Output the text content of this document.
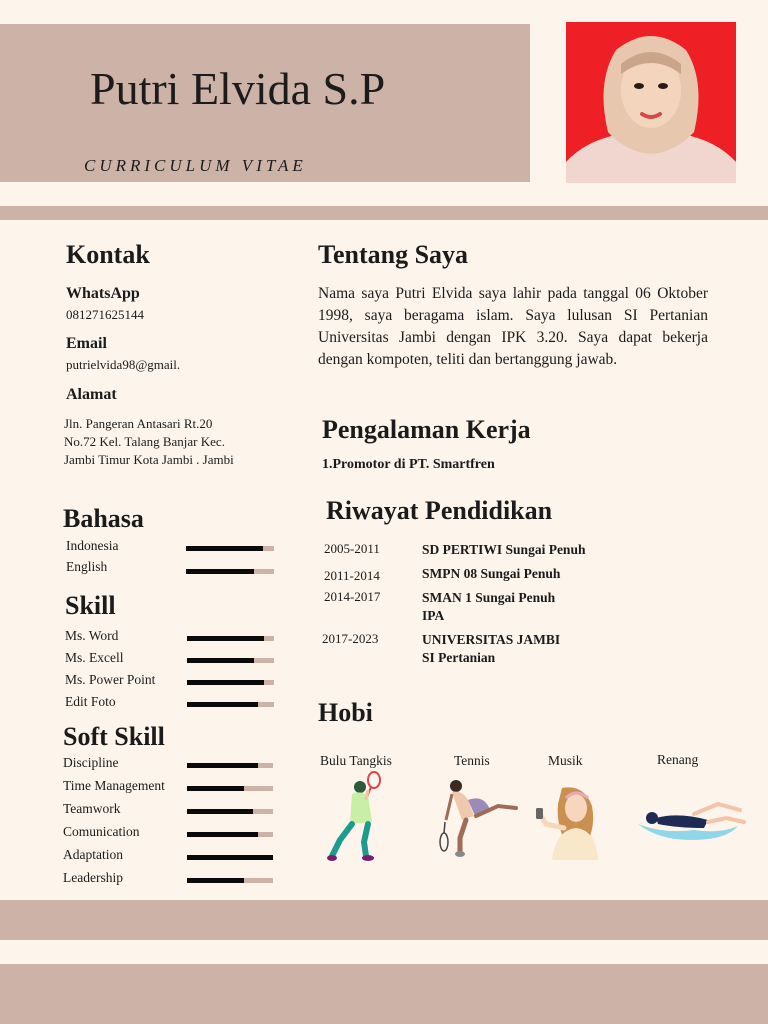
Putri Elvida S.P
CURRICULUM VITAE
Kontak
WhatsApp
081271625144
Email
putrielvida98@gmail.
Alamat
Jln. Pangeran Antasari Rt.20
No.72 Kel. Talang Banjar Kec.
Jambi Timur Kota Jambi . Jambi
Bahasa
Indonesia
English
Skill
Ms. Word
Ms. Excell
Ms. Power Point
Edit Foto
Soft Skill
Discipline
Time Management
Teamwork
Comunication
Adaptation
Leadership
Tentang Saya
Nama saya Putri Elvida saya lahir pada tanggal 06 Oktober 1998, saya beragama islam. Saya lulusan SI Pertanian Universitas Jambi dengan IPK 3.20. Saya dapat bekerja dengan kompoten, teliti dan bertanggung jawab.
Pengalaman Kerja
1.Promotor di PT. Smartfren
Riwayat Pendidikan
2005-2011	SD PERTIWI Sungai Penuh
2011-2014	SMPN 08 Sungai Penuh
2014-2017	SMAN 1 Sungai Penuh
IPA
2017-2023	UNIVERSITAS JAMBI
SI Pertanian
Hobi
Bulu Tangkis	Tennis	Musik	Renang
